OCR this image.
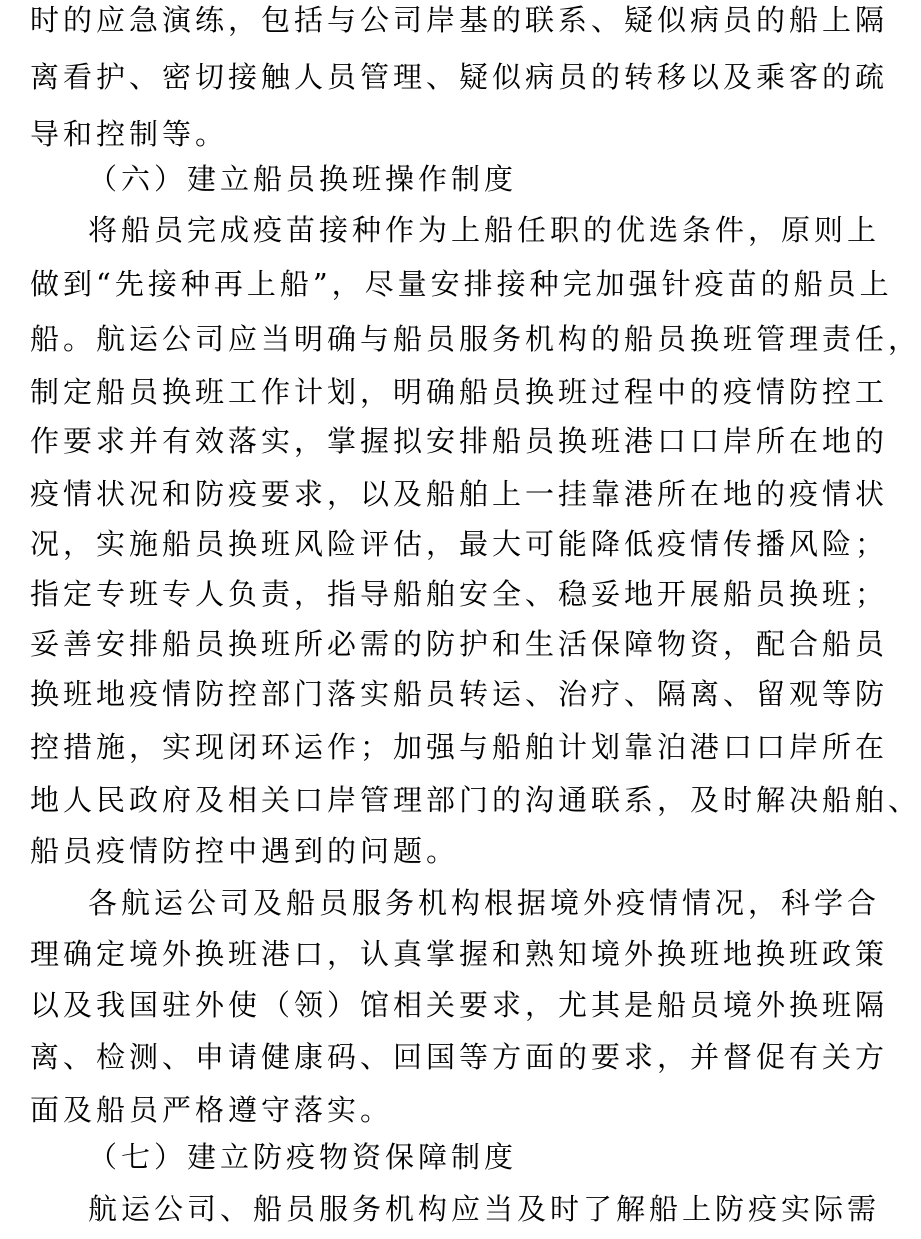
时的应急演练，包括与公司岸基的联系、疑似病员的船上隔
离看护、密切接触人员管理、疑似病员的转移以及乘客的疏
导和控制等。
（六）建立船员换班操作制度
将船员完成疫苗接种作为上船任职的优选条件，原则上
做到“先接种再上船”，尽量安排接种完加强针疫苗的船员上
船。航运公司应当明确与船员服务机构的船员换班管理责任，
制定船员换班工作计划，明确船员换班过程中的疫情防控工
作要求并有效落实，掌握拟安排船员换班港口口岸所在地的
疫情状况和防疫要求，以及船舶上一挂靠港所在地的疫情状
况，实施船员换班风险评估，最大可能降低疫情传播风险；
指定专班专人负责，指导船舶安全、稳妥地开展船员换班；
妥善安排船员换班所必需的防护和生活保障物资，配合船员
换班地疫情防控部门落实船员转运、治疗、隔离、留观等防
控措施，实现闭环运作；加强与船舶计划靠泊港口口岸所在
地人民政府及相关口岸管理部门的沟通联系，及时解决船舶、
船员疫情防控中遇到的问题。
各航运公司及船员服务机构根据境外疫情情况，科学合
理确定境外换班港口，认真掌握和熟知境外换班地换班政策
以及我国驻外使（领）馆相关要求，尤其是船员境外换班隔
离、检测、申请健康码、回国等方面的要求，并督促有关方
面及船员严格遵守落实。
（七）建立防疫物资保障制度
航运公司、船员服务机构应当及时了解船上防疫实际需
